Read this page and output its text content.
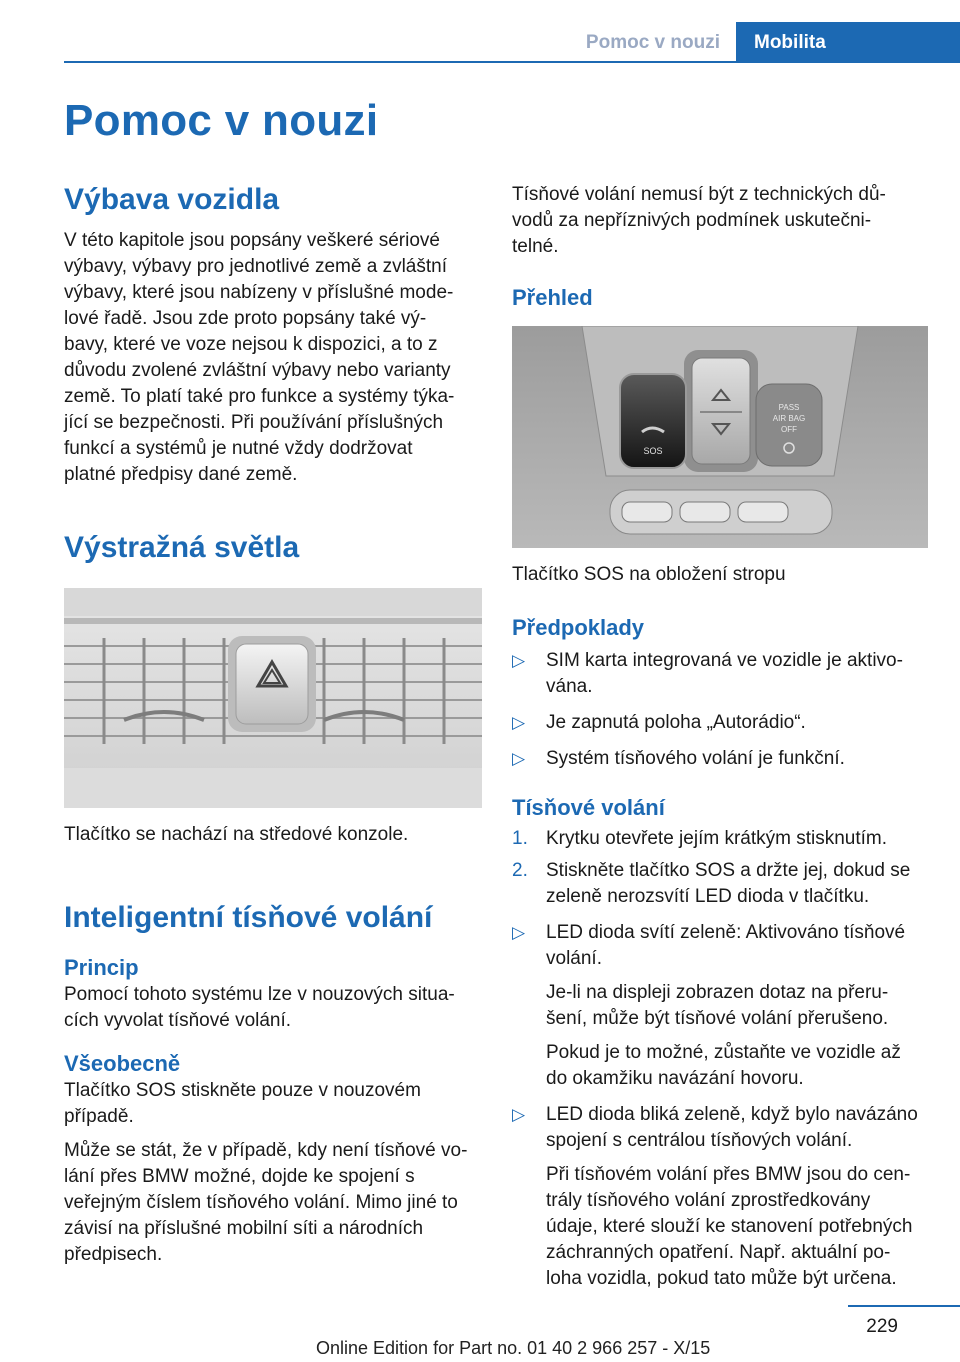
Pomoc v nouzi	Mobilita
Pomoc v nouzi
Výbava vozidla

V této kapitole jsou popsány veškeré sériové
výbavy, výbavy pro jednotlivé země a zvláštní
výbavy, které jsou nabízeny v příslušné mode‐
lové řadě. Jsou zde proto popsány také vý‐
bavy, které ve voze nejsou k dispozici, a to z
důvodu zvolené zvláštní výbavy nebo varianty
země. To platí také pro funkce a systémy týka‐
jící se bezpečnosti. Při používání příslušných
funkcí a systémů je nutné vždy dodržovat
platné předpisy dané země.

Výstražná světla

Tlačítko se nachází na středové konzole.

Inteligentní tísňové volání
Princip

Pomocí tohoto systému lze v nouzových situa‐
cích vyvolat tísňové volání.

Všeobecně

Tlačítko SOS stiskněte pouze v nouzovém
případě.

Může se stát, že v případě, kdy není tísňové vo‐
lání přes BMW možné, dojde ke spojení s
veřejným číslem tísňového volání. Mimo jiné to
závisí na příslušné mobilní síti a národních
předpisech.

Tísňové volání nemusí být z technických dů‐
vodů za nepříznivých podmínek uskutečni‐
telné.

Přehled
SOS
PASS
AIR BAG
OFF

Tlačítko SOS na obložení stropu

Předpoklady
▷ SIM karta integrovaná ve vozidle je aktivo‐
vána.
▷ Je zapnutá poloha „Autorádio“.
▷ Systém tísňového volání je funkční.
Tísňové volání
1. Krytku otevřete jejím krátkým stisknutím.
2. Stiskněte tlačítko SOS a držte jej, dokud se
zeleně nerozsvítí LED dioda v tlačítku.
▷ LED dioda svítí zeleně: Aktivováno tísňové
volání.

Je-li na displeji zobrazen dotaz na přeru‐
šení, může být tísňové volání přerušeno.

Pokud je to možné, zůstaňte ve vozidle až
do okamžiku navázání hovoru.

▷ LED dioda bliká zeleně, když bylo navázáno
spojení s centrálou tísňových volání.

Při tísňovém volání přes BMW jsou do cen‐
trály tísňového volání zprostředkovány
údaje, které slouží ke stanovení potřebných
záchranných opatření. Např. aktuální po‐
loha vozidla, pokud tato může být určena.

229
Online Edition for Part no. 01 40 2 966 257 - X/15
